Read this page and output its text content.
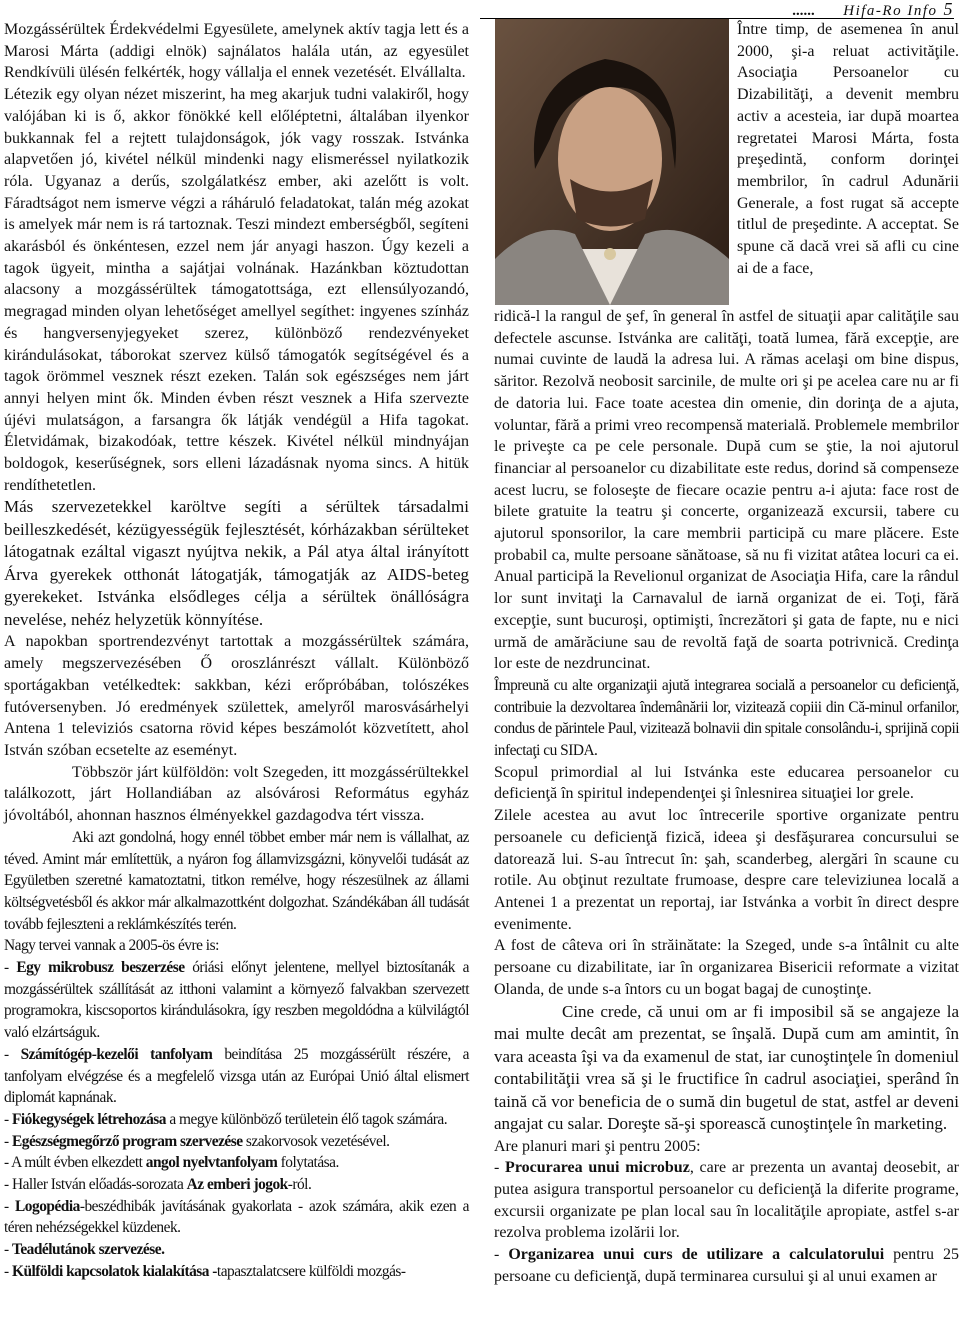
...... Hifa-Ro Info 5

Mozgássérültek Érdekvédelmi Egyesülete, amelynek aktív tagja lett és a Marosi Márta (addigi elnök) sajnálatos halála után, az egyesület Rendkívüli ülésén felkérték, hogy vállalja el ennek vezetését. Elvállalta.

Létezik egy olyan nézet miszerint, ha meg akarjuk tudni valakiről, hogy valójában ki is ő, akkor fönökké kell előléptetni, általában ilyenkor bukkannak fel a rejtett tulajdonságok, jók vagy rosszak. Istvánka alapvetően jó, kivétel nélkül mindenki nagy elismeréssel nyilatkozik róla. Ugyanaz a derűs, szolgálatkész ember, aki azelőtt is volt. Fáradtságot nem ismerve végzi a ráháruló feladatokat, talán még azokat is amelyek már nem is rá tartoznak. Teszi mindezt emberségből, segíteni akarásból és önkéntesen, ezzel nem jár anyagi haszon. Úgy kezeli a tagok ügyeit, mintha a sajátjai volnának. Hazánkban köztudottan alacsony a mozgássérültek támogatottsága, ezt ellensúlyozandó, megragad minden olyan lehetőséget amellyel segíthet: ingyenes színház és hangversenyjegyeket szerez, különböző rendezvényeket kirándulásokat, táborokat szervez külső támogatók segítségével és a tagok örömmel vesznek részt ezeken. Talán sok egészséges nem járt annyi helyen mint ők. Minden évben részt vesznek a Hifa szervezte újévi mulatságon, a farsangra ők látják vendégül a Hifa tagokat. Életvidámak, bizakodóak, tettre készek. Kivétel nélkül mindnyájan boldogok, keserűségnek, sors elleni lázadásnak nyoma sincs. A hitük rendíthetetlen.

Más szervezetekkel karöltve segíti a sérültek társadalmi beilleszkedését, kézügyességük fejlesztését, kórházakban sérülteket látogatnak ezáltal vigaszt nyújtva nekik, a Pál atya által irányított Árva gyerekek otthonát látogatják, támogatják az AIDS-beteg gyerekeket. Istvánka elsődleges célja a sérültek önállóságra nevelése, nehéz helyzetük könnyítése.

A napokban sportrendezvényt tartottak a mozgássérültek számára, amely megszervezésében Ő oroszlánrészt vállalt. Különböző sportágakban vetélkedtek: sakkban, kézi erőpróbában, tolószékes futóversenyben. Jó eredmények születtek, amelyről marosvásárhelyi Antena 1 televiziós csatorna rövid képes beszámolót közvetített, ahol István szóban ecsetelte az eseményt.

Többször járt külföldön: volt Szegeden, itt mozgássérültekkel találkozott, járt Hollandiában az alsóvárosi Református egyház jóvoltából, ahonnan hasznos élményekkel gazdagodva tért vissza.

Aki azt gondolná, hogy ennél többet ember már nem is vállalhat, az téved. Amint már említettük, a nyáron fog államvizsgázni, könyvelői tudását az Együletben szeretné kamatoztatni, titkon remélve, hogy részesülnek az állami költségvetésből és akkor már alkalmazottként dolgozhat. Szándékában áll tudását tovább fejleszteni a reklámkészítés terén.

Nagy tervei vannak a 2005-ös évre is:

- Egy mikrobusz beszerzése óriási előnyt jelentene, mellyel biztosítanák a mozgássérültek szállítását az itthoni valamint a környező falvakban szervezett programokra, kiscsoportos kirándulásokra, így reszben megoldódna a külvilágtól való elzártságuk.

- Számítógép-kezelői tanfolyam beindítása 25 mozgássérült részére, a tanfolyam elvégzése és a megfelelő vizsga után az Európai Unió által elismert diplomát kapnának.

- Fiókegységek létrehozása a megye különböző területein élő tagok számára.

- Egészségmegőrző program szervezése szakorvosok vezetésével.

- A múlt évben elkezdett angol nyelvtanfolyam folytatása.

- Haller István előadás-sorozata Az emberi jogok-ról.

- Logopédia-beszédhibák javításának gyakorlata - azok számára, akik ezen a téren nehézségekkel küzdenek.

- Teadélutánok szervezése.

- Külföldi kapcsolatok kialakítása -tapasztalatcsere külföldi mozgás-

Între timp, de asemenea în anul 2000, şi-a reluat activităţile. Asociaţia Persoanelor cu Dizabilităţi, a devenit membru activ a acesteia, iar după moartea regretatei Marosi Márta, fosta preşedintă, conform dorinţei membrilor, în cadrul Adunării Generale, a fost rugat să accepte titlul de preşedinte. A acceptat. Se spune că dacă vrei să afli cu cine ai de a face,

ridică-l la rangul de şef, în general în astfel de situaţii apar calităţile sau defectele ascunse. Istvánka are calităţi, toată lumea, fără excepţie, are numai cuvinte de laudă la adresa lui. A rămas acelaşi om bine dispus, săritor. Rezolvă neobosit sarcinile, de multe ori şi pe acelea care nu ar fi de datoria lui. Face toate acestea din omenie, din dorinţa de a ajuta, voluntar, fără a primi vreo recompensă materială. Problemele membrilor le priveşte ca pe cele personale. După cum se ştie, la noi ajutorul financiar al persoanelor cu dizabilitate este redus, dorind să compenseze acest lucru, se foloseşte de fiecare ocazie pentru a-i ajuta: face rost de bilete gratuite la teatru şi concerte, organizează excursii, tabere cu ajutorul sponsorilor, la care membrii participă cu mare plăcere. Este probabil ca, multe persoane sănătoase, să nu fi vizitat atâtea locuri ca ei. Anual participă la Revelionul organizat de Asociaţia Hifa, care la rândul lor sunt invitaţi la Carnavalul de iarnă organizat de ei. Toţi, fără excepţie, sunt bucuroşi, optimişti, încrezători şi gata de fapte, nu e nici urmă de amărăciune sau de revoltă faţă de soarta potrivnică. Credinţa lor este de nezdruncinat.

Împreună cu alte organizaţii ajută integrarea socială a persoanelor cu deficienţă, contribuie la dezvoltarea îndemânării lor, vizitează copiii din Că-minul orfanilor, condus de părintele Paul, vizitează bolnavii din spitale consolându-i, sprijină copii infectaţi cu SIDA.

Scopul primordial al lui Istvánka este educarea persoanelor cu deficienţă în spiritul independenţei şi înlesnirea situaţiei lor grele.

Zilele acestea au avut loc întrecerile sportive organizate pentru persoanele cu deficienţă fizică, ideea şi desfăşurarea concursului se datorează lui. S-au întrecut în: şah, scanderbeg, alergări în scaune cu rotile. Au obţinut rezultate frumoase, despre care televiziunea locală a Antenei 1 a prezentat un reportaj, iar Istvánka a vorbit în direct despre evenimente.

A fost de câteva ori în străinătate: la Szeged, unde s-a întâlnit cu alte persoane cu dizabilitate, iar în organizarea Bisericii reformate a vizitat Olanda, de unde s-a întors cu un bogat bagaj de cunoştinţe.

Cine crede, că unui om ar fi imposibil să se angajeze la mai multe decât am prezentat, se înşală. După cum am amintit, în vara aceasta îşi va da examenul de stat, iar cunoştinţele în domeniul contabilităţii vrea să şi le fructifice în cadrul asociaţiei, sperând în taină că vor beneficia de o sumă din bugetul de stat, astfel ar deveni angajat cu salar. Doreşte să-şi sporească cunoştinţele în marketing.

Are planuri mari şi pentru 2005:

- Procurarea unui microbuz, care ar prezenta un avantaj deosebit, ar putea asigura transportul persoanelor cu deficienţă la diferite programe, excursii organizate pe plan local sau în localităţile apropiate, astfel s-ar rezolva problema izolării lor.

- Organizarea unui curs de utilizare a calculatorului pentru 25 persoane cu deficienţă, după terminarea cursului şi al unui examen ar
